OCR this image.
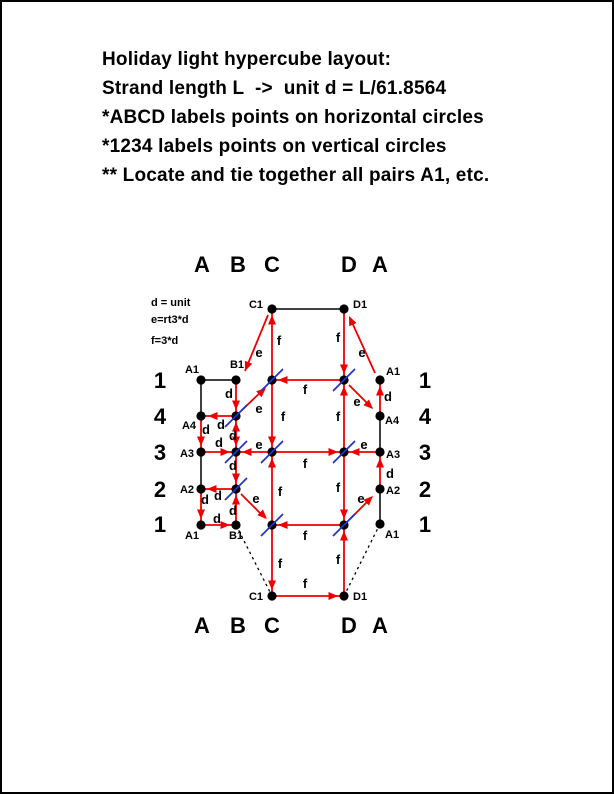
Holiday light hypercube layout:
Strand length L  ->  unit d = L/61.8564
*ABCD labels points on horizontal circles
*1234 labels points on vertical circles
** Locate and tie together all pairs A1, etc.
C1	D1
A1	B1
A1
A4	A4
A3	A3
A2	A2
A1	B1	A1
C1	D1
d
d
d d
d
d
d
d
d
d
d
d
e
e
e
e
e
e
e
e
f
f
f
f
f
f
f
f
f
f
f
f
A
A
B
B
C
C
D
D
A
A
1	1
4	4
3	3
2	2
1	1
d = unit
e=rt3*d
f=3*d
